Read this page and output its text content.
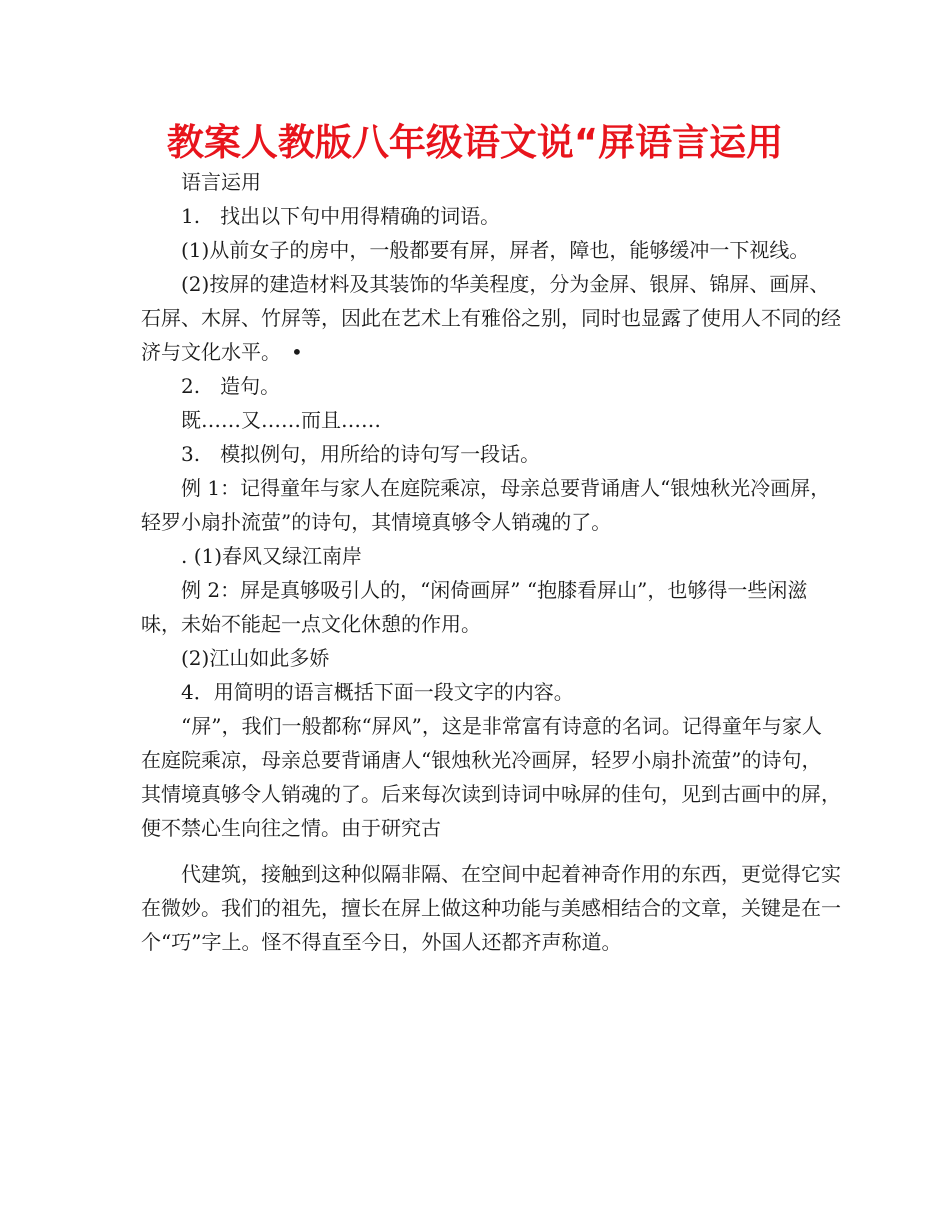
教案人教版八年级语文说“屏语言运用

语言运用

1.　找出以下句中用得精确的词语。

(1)从前女子的房中，一般都要有屏，屏者，障也，能够缓冲一下视线。

(2)按屏的建造材料及其装饰的华美程度，分为金屏、银屏、锦屏、画屏、石屏、木屏、竹屏等，因此在艺术上有雅俗之别，同时也显露了使用人不同的经济与文化水平。　•

2.　造句。

既……又……而且……

3.　模拟例句，用所给的诗句写一段话。

例 1：记得童年与家人在庭院乘凉，母亲总要背诵唐人“银烛秋光冷画屏，轻罗小扇扑流萤”的诗句，其情境真够令人销魂的了。

. (1)春风又绿江南岸

例 2：屏是真够吸引人的，“闲倚画屏” “抱膝看屏山”，也够得一些闲滋味，未始不能起一点文化休憩的作用。

(2)江山如此多娇

4．用简明的语言概括下面一段文字的内容。

“屏”，我们一般都称“屏风”，这是非常富有诗意的名词。记得童年与家人在庭院乘凉，母亲总要背诵唐人“银烛秋光冷画屏，轻罗小扇扑流萤”的诗句，其情境真够令人销魂的了。后来每次读到诗词中咏屏的佳句，见到古画中的屏，便不禁心生向往之情。由于研究古

代建筑，接触到这种似隔非隔、在空间中起着神奇作用的东西，更觉得它实在微妙。我们的祖先，擅长在屏上做这种功能与美感相结合的文章，关键是在一个“巧”字上。怪不得直至今日，外国人还都齐声称道。
